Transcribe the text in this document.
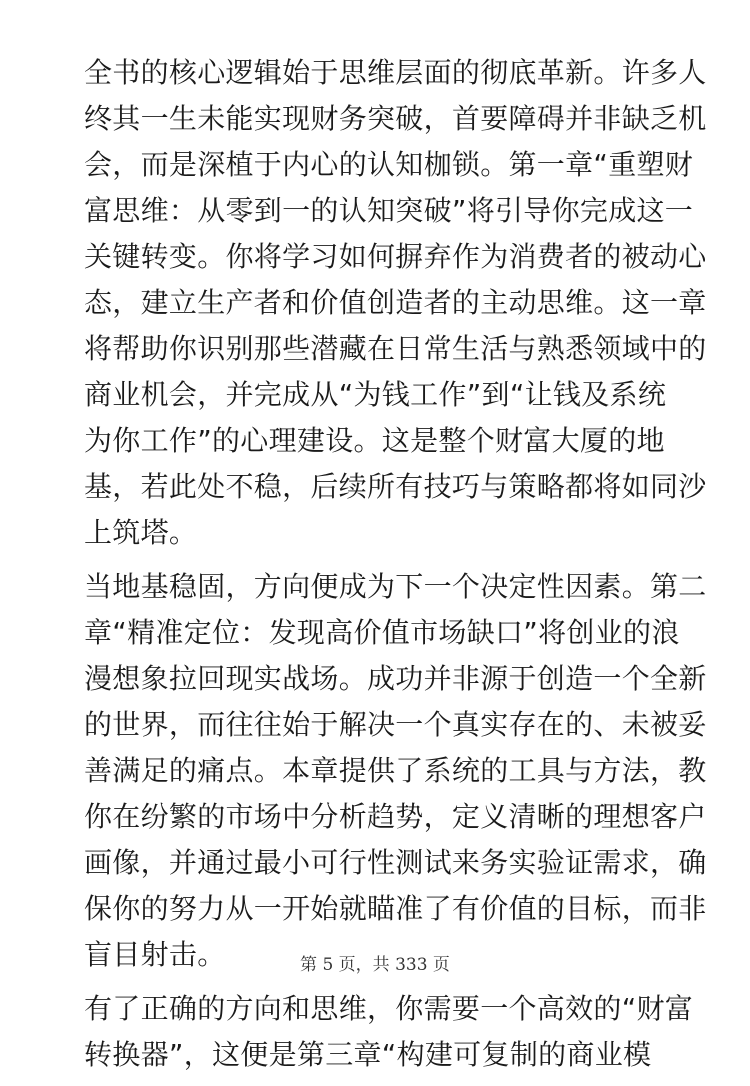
全书的核心逻辑始于思维层面的彻底革新。许多人
终其一生未能实现财务突破，首要障碍并非缺乏机
会，而是深植于内心的认知枷锁。第一章“重塑财
富思维：从零到一的认知突破”将引导你完成这一
关键转变。你将学习如何摒弃作为消费者的被动心
态，建立生产者和价值创造者的主动思维。这一章
将帮助你识别那些潜藏在日常生活与熟悉领域中的
商业机会，并完成从“为钱工作”到“让钱及系统
为你工作”的心理建设。这是整个财富大厦的地
基，若此处不稳，后续所有技巧与策略都将如同沙
上筑塔。
当地基稳固，方向便成为下一个决定性因素。第二
章“精准定位：发现高价值市场缺口”将创业的浪
漫想象拉回现实战场。成功并非源于创造一个全新
的世界，而往往始于解决一个真实存在的、未被妥
善满足的痛点。本章提供了系统的工具与方法，教
你在纷繁的市场中分析趋势，定义清晰的理想客户
画像，并通过最小可行性测试来务实验证需求，确
保你的努力从一开始就瞄准了有价值的目标，而非
盲目射击。
有了正确的方向和思维，你需要一个高效的“财富
转换器”，这便是第三章“构建可复制的商业模
第 5 页，共 333 页
